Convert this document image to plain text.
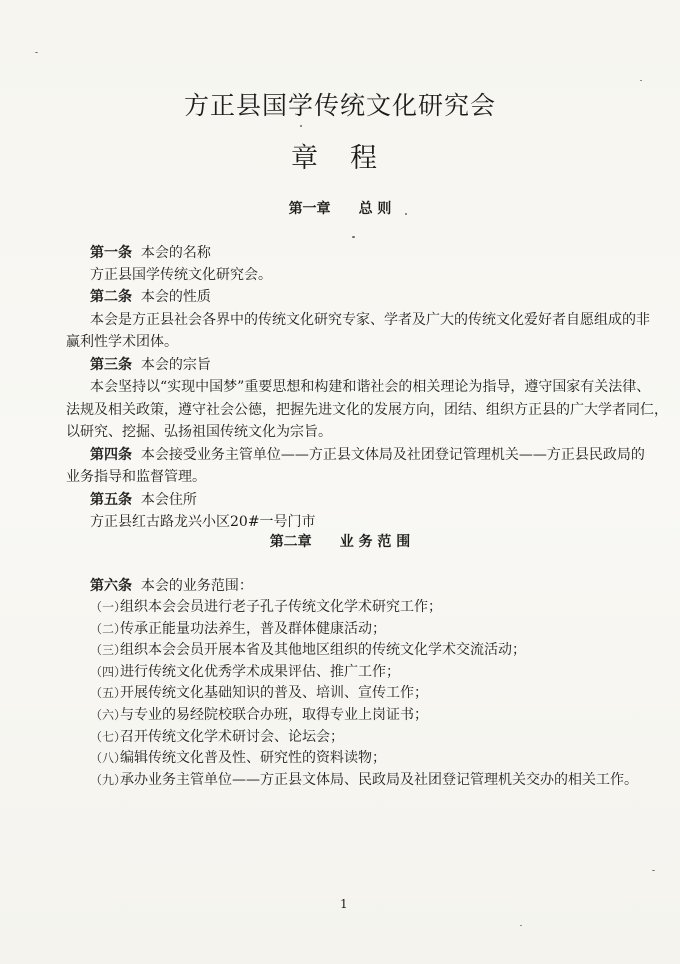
方正县国学传统文化研究会
章程
第一章 总 则
第一条 本会的名称
方正县国学传统文化研究会。
第二条 本会的性质
本会是方正县社会各界中的传统文化研究专家、学者及广大的传统文化爱好者自愿组成的非
赢利性学术团体。
第三条 本会的宗旨
本会坚持以“实现中国梦”重要思想和构建和谐社会的相关理论为指导，遵守国家有关法律、
法规及相关政策，遵守社会公德，把握先进文化的发展方向，团结、组织方正县的广大学者同仁，
以研究、挖掘、弘扬祖国传统文化为宗旨。
第四条 本会接受业务主管单位——方正县文体局及社团登记管理机关——方正县民政局的
业务指导和监督管理。
第五条 本会住所
方正县红古路龙兴小区20#一号门市
第二章 业 务 范 围
第六条 本会的业务范围：
（一）组织本会会员进行老子孔子传统文化学术研究工作；
（二）传承正能量功法养生，普及群体健康活动；
（三）组织本会会员开展本省及其他地区组织的传统文化学术交流活动；
（四）进行传统文化优秀学术成果评估、推广工作；
（五）开展传统文化基础知识的普及、培训、宣传工作；
（六）与专业的易经院校联合办班，取得专业上岗证书；
（七）召开传统文化学术研讨会、论坛会；
（八）编辑传统文化普及性、研究性的资料读物；
（九）承办业务主管单位——方正县文体局、民政局及社团登记管理机关交办的相关工作。
1
